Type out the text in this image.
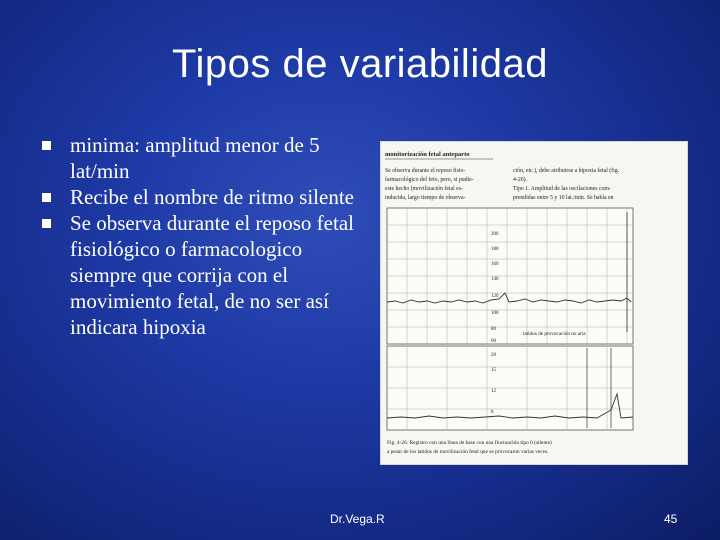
Tipos de variabilidad
minima: amplitud menor de 5 lat/min
Recibe el nombre de ritmo silente
Se observa durante el reposo fetal fisiológico o farmacologico siempre que corrija con el movimiento fetal, de no ser así indicara hipoxia
monitorización fetal anteparto
Se observa durante el reposo fisio-
farmacológico del feto, pero, si pudie-
este hecho (movilización fetal es-
inducida, largo tiempo de observa-
ción, etc.), debe atribuirse a hipoxia fetal (fig.
4-26).
Tipo 1. Amplitud de las oscilaciones com-
prendidas entre 5 y 10 lat./min. Se habla en
200
180
160
140
120
100
80
60
latidos de provocación no aria
20
15
12
8
Fig. 4-26. Registro con una línea de base con una fluctuación tipo 0 (silente)
a pesar de los latidos de movilización fetal que se provocaron varias veces.
Dr.Vega.R	45
